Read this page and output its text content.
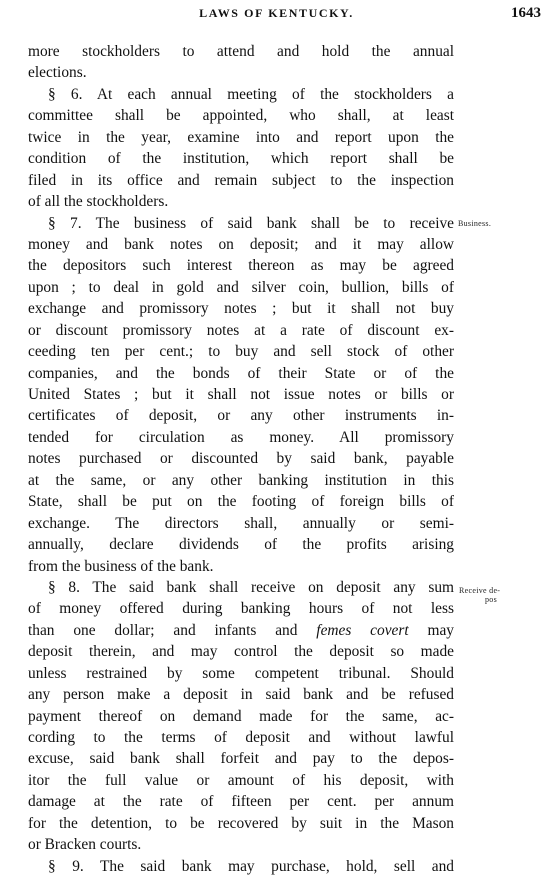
LAWS OF KENTUCKY.	1643
more stockholders to attend and hold the annual
elections.
§ 6. At each annual meeting of the stockholders a
committee shall be appointed, who shall, at least
twice in the year, examine into and report upon the
condition of the institution, which report shall be
filed in its office and remain subject to the inspection
of all the stockholders.
§ 7. The business of said bank shall be to receive
money and bank notes on deposit; and it may allow
the depositors such interest thereon as may be agreed
upon ; to deal in gold and silver coin, bullion, bills of
exchange and promissory notes ; but it shall not buy
or discount promissory notes at a rate of discount ex-
ceeding ten per cent.; to buy and sell stock of other
companies, and the bonds of their State or of the
United States ; but it shall not issue notes or bills or
certificates of deposit, or any other instruments in-
tended for circulation as money. All promissory
notes purchased or discounted by said bank, payable
at the same, or any other banking institution in this
State, shall be put on the footing of foreign bills of
exchange. The directors shall, annually or semi-
annually, declare dividends of the profits arising
from the business of the bank.
§ 8. The said bank shall receive on deposit any sum
of money offered during banking hours of not less
than one dollar; and infants and femes covert may
deposit therein, and may control the deposit so made
unless restrained by some competent tribunal. Should
any person make a deposit in said bank and be refused
payment thereof on demand made for the same, ac-
cording to the terms of deposit and without lawful
excuse, said bank shall forfeit and pay to the depos-
itor the full value or amount of his deposit, with
damage at the rate of fifteen per cent. per annum
for the detention, to be recovered by suit in the Mason
or Bracken courts.
§ 9. The said bank may purchase, hold, sell and
Business.
Receive de-
pos
